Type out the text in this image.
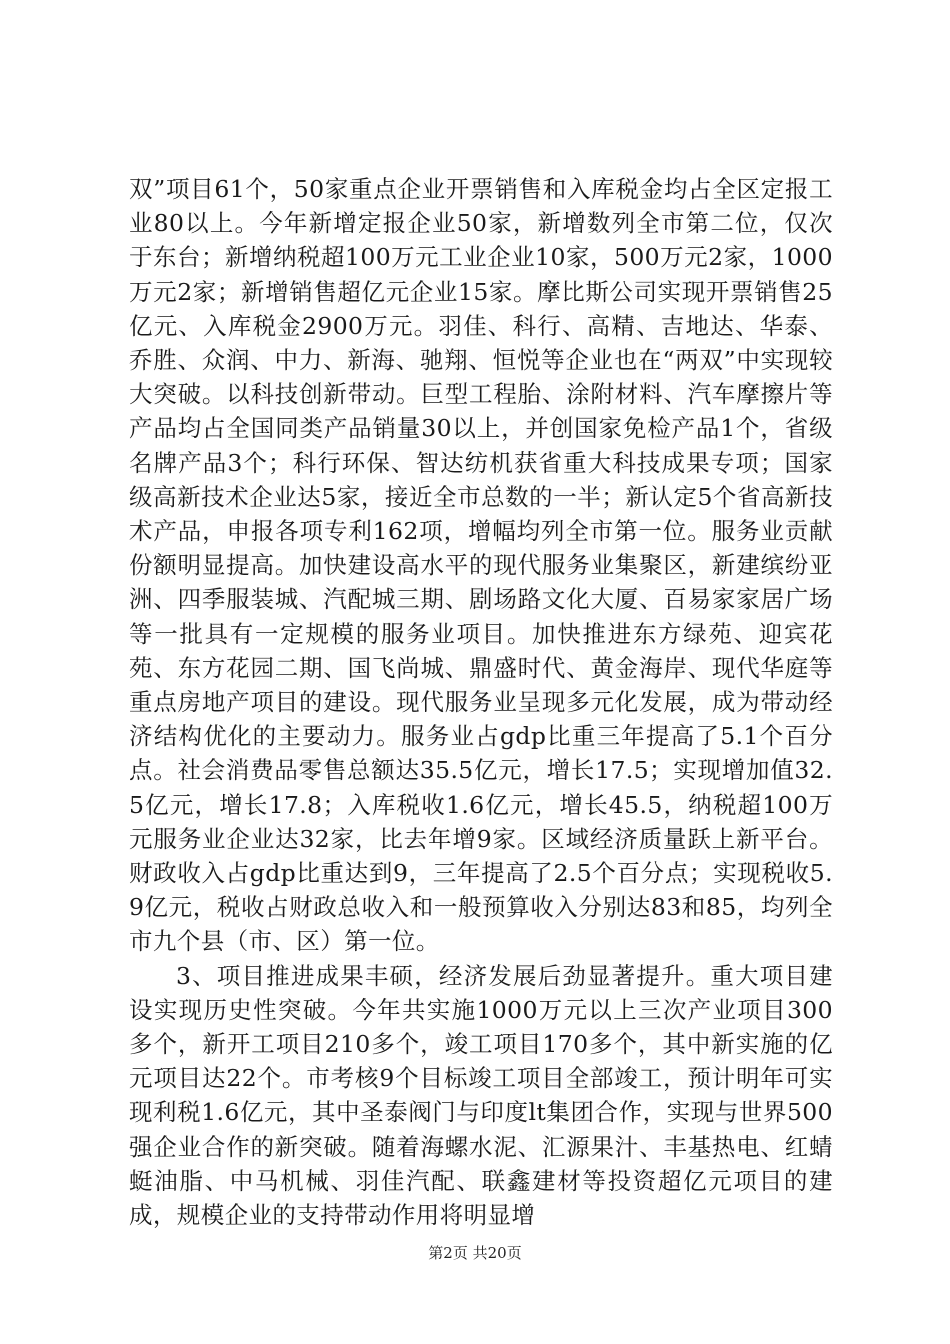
双”项目61个，50家重点企业开票销售和入库税金均占全区定报工业80以上。今年新增定报企业50家，新增数列全市第二位，仅次于东台；新增纳税超100万元工业企业10家，500万元2家，1000万元2家；新增销售超亿元企业15家。摩比斯公司实现开票销售25亿元、入库税金2900万元。羽佳、科行、高精、吉地达、华泰、乔胜、众润、中力、新海、驰翔、恒悦等企业也在“两双”中实现较大突破。以科技创新带动。巨型工程胎、涂附材料、汽车摩擦片等产品均占全国同类产品销量30以上，并创国家免检产品1个，省级名牌产品3个；科行环保、智达纺机获省重大科技成果专项；国家级高新技术企业达5家，接近全市总数的一半；新认定5个省高新技术产品，申报各项专利162项，增幅均列全市第一位。服务业贡献份额明显提高。加快建设高水平的现代服务业集聚区，新建缤纷亚洲、四季服装城、汽配城三期、剧场路文化大厦、百易家家居广场等一批具有一定规模的服务业项目。加快推进东方绿苑、迎宾花苑、东方花园二期、国飞尚城、鼎盛时代、黄金海岸、现代华庭等重点房地产项目的建设。现代服务业呈现多元化发展，成为带动经济结构优化的主要动力。服务业占gdp比重三年提高了5.1个百分点。社会消费品零售总额达35.5亿元，增长17.5；实现增加值32.5亿元，增长17.8；入库税收1.6亿元，增长45.5，纳税超100万元服务业企业达32家，比去年增9家。区域经济质量跃上新平台。财政收入占gdp比重达到9，三年提高了2.5个百分点；实现税收5.9亿元，税收占财政总收入和一般预算收入分别达83和85，均列全市九个县（市、区）第一位。

3、项目推进成果丰硕，经济发展后劲显著提升。重大项目建设实现历史性突破。今年共实施1000万元以上三次产业项目300多个，新开工项目210多个，竣工项目170多个，其中新实施的亿元项目达22个。市考核9个目标竣工项目全部竣工，预计明年可实现利税1.6亿元，其中圣泰阀门与印度lt集团合作，实现与世界500强企业合作的新突破。随着海螺水泥、汇源果汁、丰基热电、红蜻蜓油脂、中马机械、羽佳汽配、联鑫建材等投资超亿元项目的建成，规模企业的支持带动作用将明显增

第2页 共20页
